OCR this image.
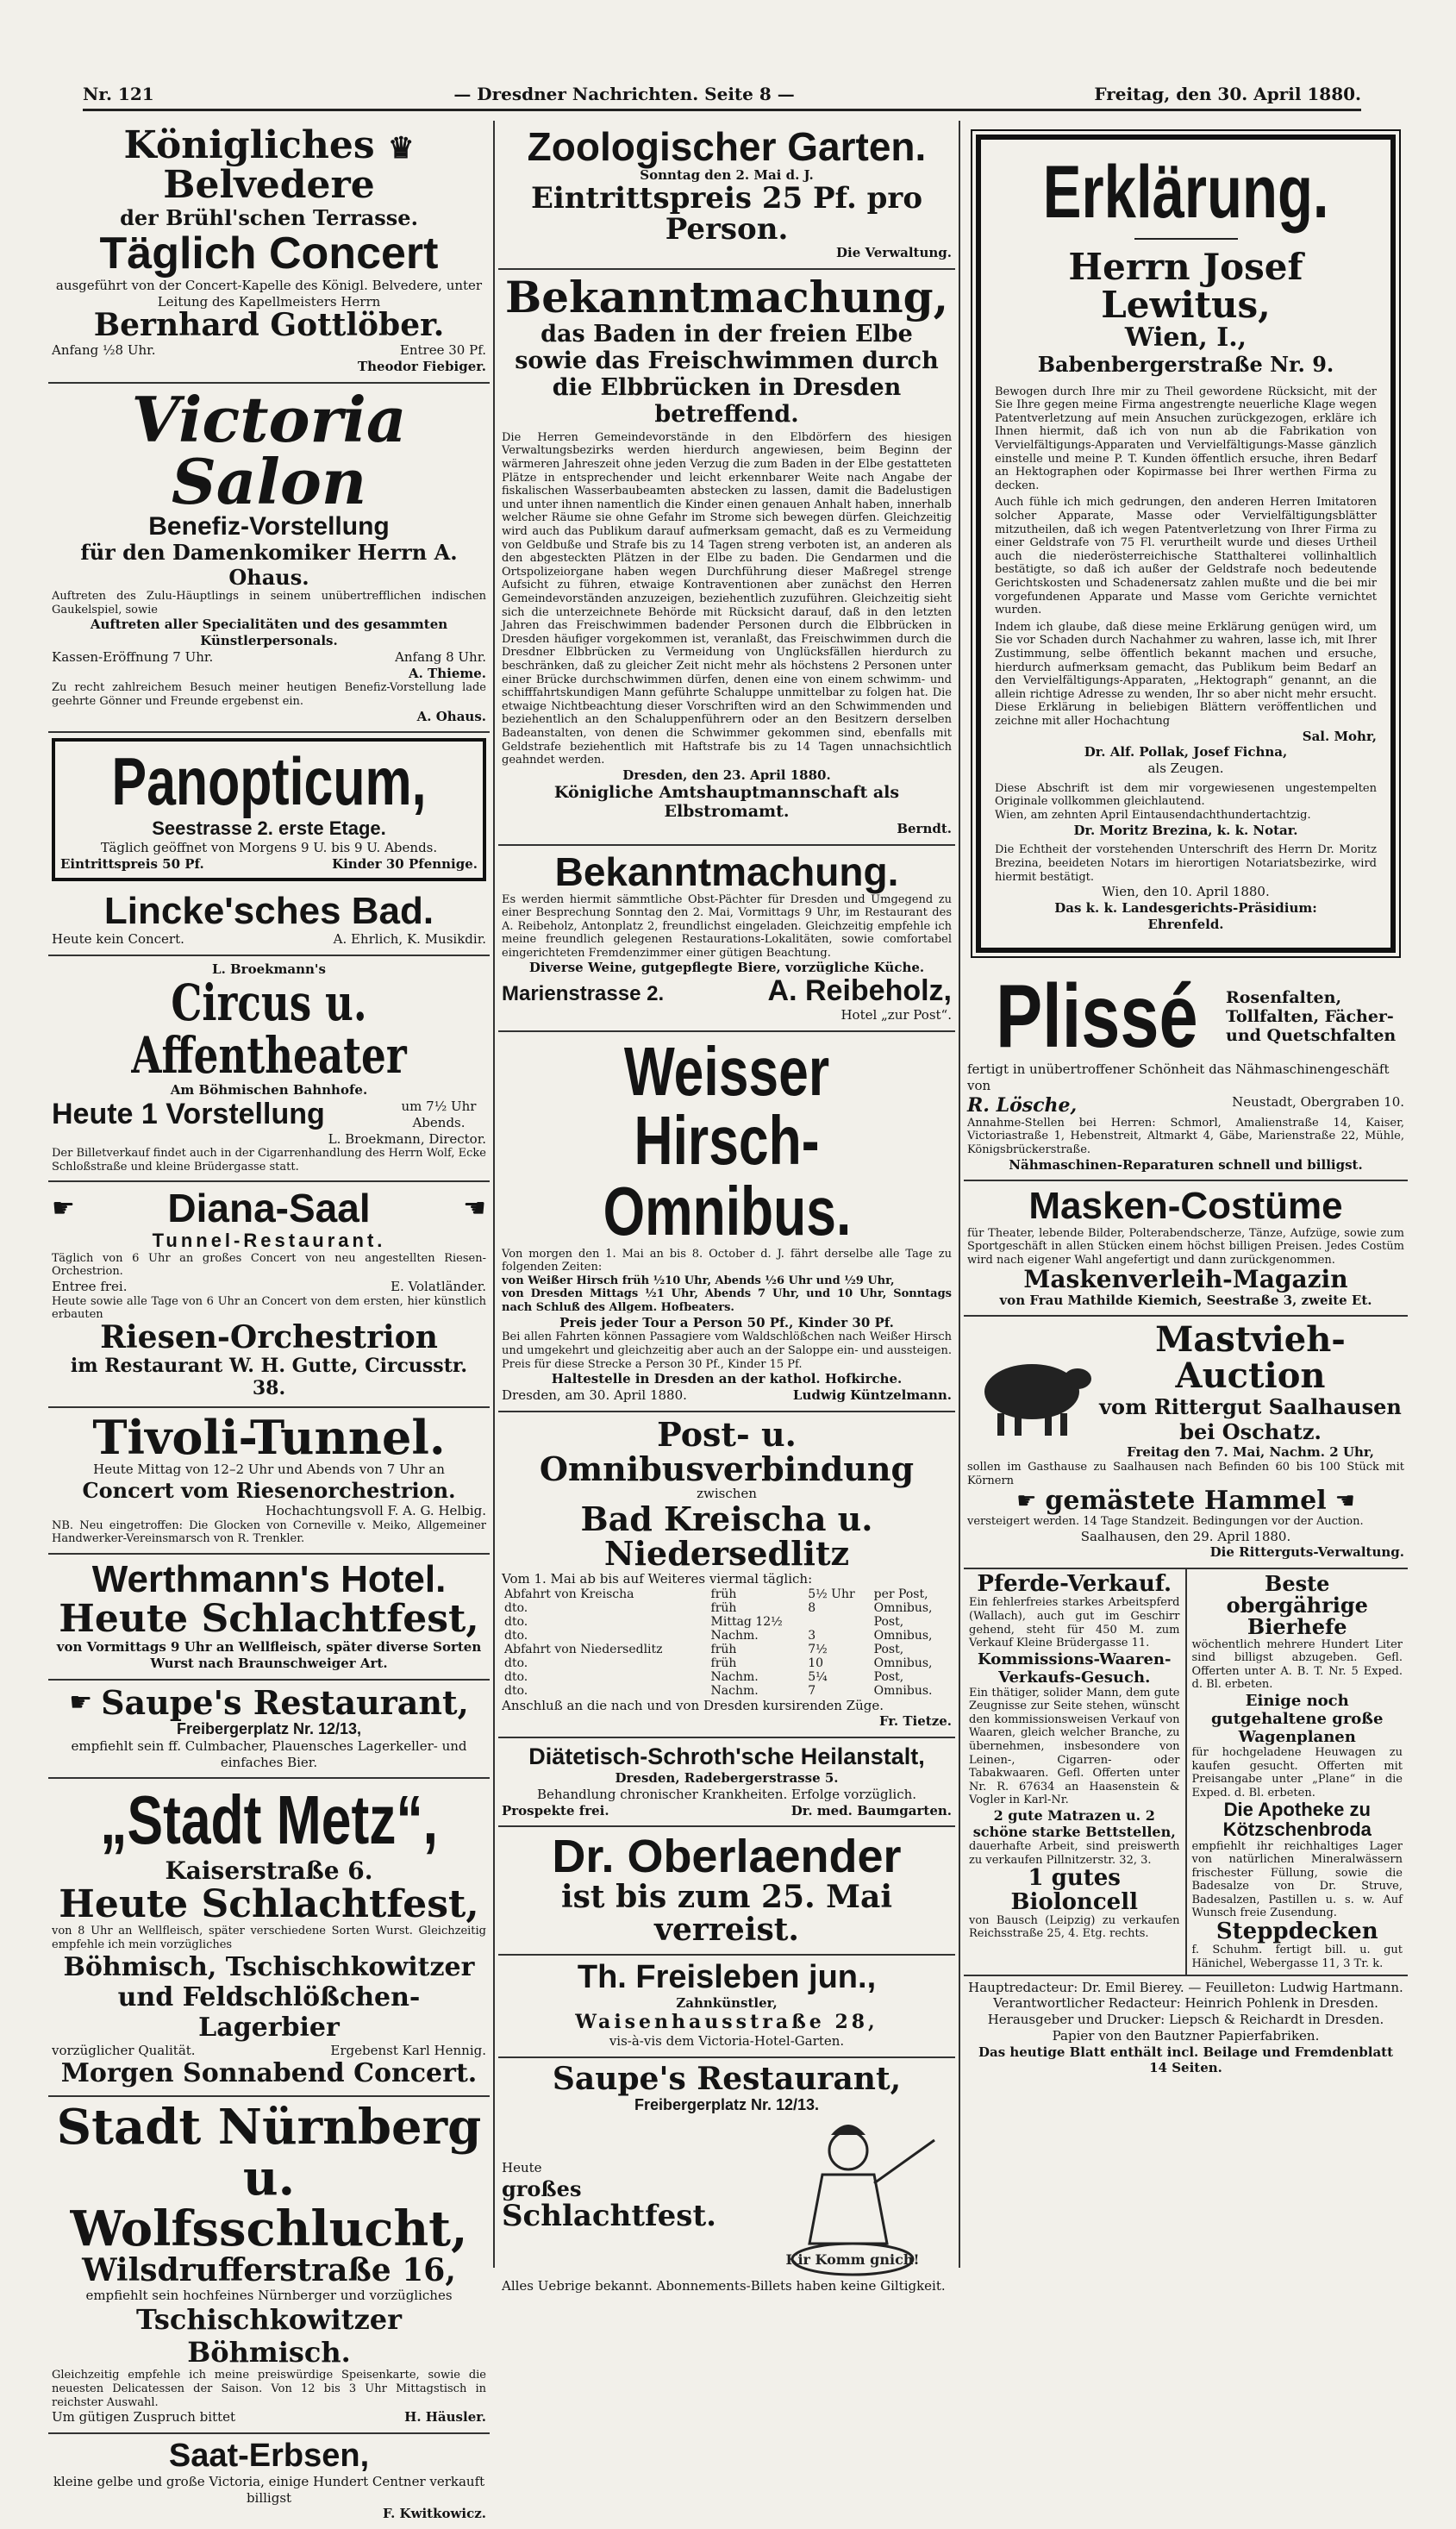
Nr. 121	— Dresdner Nachrichten. Seite 8 —	Freitag, den 30. April 1880.
Königliches ♛ Belvedere
der Brühl'schen Terrasse.
Täglich Concert
ausgeführt von der Concert-Kapelle des Königl. Belvedere, unter Leitung des Kapellmeisters Herrn
Bernhard Gottlöber.
Anfang ½8 Uhr.	Entree 30 Pf.
Theodor Fiebiger.
Victoria Salon
Benefiz-Vorstellung
für den Damenkomiker Herrn A. Ohaus.
Auftreten des Zulu-Häuptlings in seinem unübertrefflichen indischen Gaukelspiel, sowie
Auftreten aller Specialitäten und des gesammten Künstlerpersonals.
Kassen-Eröffnung 7 Uhr.	Anfang 8 Uhr.
A. Thieme.
Zu recht zahlreichem Besuch meiner heutigen Benefiz-Vorstellung lade geehrte Gönner und Freunde ergebenst ein.
A. Ohaus.
Panopticum,
Seestrasse 2. erste Etage.
Täglich geöffnet von Morgens 9 U. bis 9 U. Abends.
Eintrittspreis 50 Pf.	Kinder 30 Pfennige.
Lincke'sches Bad.
Heute kein Concert.	A. Ehrlich, K. Musikdir.
L. Broekmann's
Circus u. Affentheater
Am Böhmischen Bahnhofe.
Heute 1 Vorstellung	um 7½ Uhr Abends.
L. Broekmann, Director.
Der Billetverkauf findet auch in der Cigarrenhandlung des Herrn Wolf, Ecke Schloßstraße und kleine Brüdergasse statt.
☛ Diana-Saal	☚
Tunnel-Restaurant.
Täglich von 6 Uhr an großes Concert von neu angestellten Riesen-Orchestrion.
Entree frei.	E. Volatländer.
Heute sowie alle Tage von 6 Uhr an Concert von dem ersten, hier künstlich erbauten
Riesen-Orchestrion
im Restaurant W. H. Gutte, Circusstr. 38.
Tivoli-Tunnel.
Heute Mittag von 12–2 Uhr und Abends von 7 Uhr an
Concert vom Riesenorchestrion.
Hochachtungsvoll F. A. G. Helbig.
NB. Neu eingetroffen: Die Glocken von Corneville v. Meiko, Allgemeiner Handwerker-Vereinsmarsch von R. Trenkler.
Werthmann's Hotel.
Heute Schlachtfest,
von Vormittags 9 Uhr an Wellfleisch, später diverse Sorten Wurst nach Braunschweiger Art.
☛ Saupe's Restaurant,
Freibergerplatz Nr. 12/13,
empfiehlt sein ff. Culmbacher, Plauensches Lagerkeller- und einfaches Bier.
„Stadt Metz“,
Kaiserstraße 6.
Heute Schlachtfest,
von 8 Uhr an Wellfleisch, später verschiedene Sorten Wurst. Gleichzeitig empfehle ich mein vorzügliches
Böhmisch, Tschischkowitzer
und Feldschlößchen-Lagerbier
vorzüglicher Qualität.	Ergebenst Karl Hennig.
Morgen Sonnabend Concert.
Stadt Nürnberg
u. Wolfsschlucht,
Wilsdrufferstraße 16,
empfiehlt sein hochfeines Nürnberger und vorzügliches
Tschischkowitzer Böhmisch.
Gleichzeitig empfehle ich meine preiswürdige Speisenkarte, sowie die neuesten Delicatessen der Saison. Von 12 bis 3 Uhr Mittagstisch in reichster Auswahl.
Um gütigen Zuspruch bittet	H. Häusler.
Saat-Erbsen,
kleine gelbe und große Victoria, einige Hundert Centner verkauft billigst
F. Kwitkowicz.
Zoologischer Garten.
Sonntag den 2. Mai d. J.
Eintrittspreis 25 Pf. pro Person.
Die Verwaltung.
Bekanntmachung,
das Baden in der freien Elbe sowie das Freischwimmen durch die Elbbrücken in Dresden betreffend.
Die Herren Gemeindevorstände in den Elbdörfern des hiesigen Verwaltungsbezirks werden hierdurch angewiesen, beim Beginn der wärmeren Jahreszeit ohne jeden Verzug die zum Baden in der Elbe gestatteten Plätze in entsprechender und leicht erkennbarer Weite nach Angabe der fiskalischen Wasserbaubeamten abstecken zu lassen, damit die Badelustigen und unter ihnen namentlich die Kinder einen genauen Anhalt haben, innerhalb welcher Räume sie ohne Gefahr im Strome sich bewegen dürfen. Gleichzeitig wird auch das Publikum darauf aufmerksam gemacht, daß es zu Vermeidung von Geldbuße und Strafe bis zu 14 Tagen streng verboten ist, an anderen als den abgesteckten Plätzen in der Elbe zu baden. Die Gendarmen und die Ortspolizeiorgane haben wegen Durchführung dieser Maßregel strenge Aufsicht zu führen, etwaige Kontraventionen aber zunächst den Herren Gemeindevorständen anzuzeigen, beziehentlich zuzuführen. Gleichzeitig sieht sich die unterzeichnete Behörde mit Rücksicht darauf, daß in den letzten Jahren das Freischwimmen badender Personen durch die Elbbrücken in Dresden häufiger vorgekommen ist, veranlaßt, das Freischwimmen durch die Dresdner Elbbrücken zu Vermeidung von Unglücksfällen hierdurch zu beschränken, daß zu gleicher Zeit nicht mehr als höchstens 2 Personen unter einer Brücke durchschwimmen dürfen, denen eine von einem schwimm- und schifffahrtskundigen Mann geführte Schaluppe unmittelbar zu folgen hat. Die etwaige Nichtbeachtung dieser Vorschriften wird an den Schwimmenden und beziehentlich an den Schaluppenführern oder an den Besitzern derselben Badeanstalten, von denen die Schwimmer gekommen sind, ebenfalls mit Geldstrafe beziehentlich mit Haftstrafe bis zu 14 Tagen unnachsichtlich geahndet werden.
Dresden, den 23. April 1880.
Königliche Amtshauptmannschaft als Elbstromamt.
Berndt.
Bekanntmachung.
Es werden hiermit sämmtliche Obst-Pächter für Dresden und Umgegend zu einer Besprechung Sonntag den 2. Mai, Vormittags 9 Uhr, im Restaurant des A. Reibeholz, Antonplatz 2, freundlichst eingeladen. Gleichzeitig empfehle ich meine freundlich gelegenen Restaurations-Lokalitäten, sowie comfortabel eingerichteten Fremdenzimmer einer gütigen Beachtung.
Diverse Weine, gutgepflegte Biere, vorzügliche Küche.
Marienstrasse 2.	A. Reibeholz,
Hotel „zur Post“.
Weisser Hirsch-
Omnibus.
Von morgen den 1. Mai an bis 8. October d. J. fährt derselbe alle Tage zu folgenden Zeiten:
von Weißer Hirsch früh ½10 Uhr, Abends ½6 Uhr und ½9 Uhr,
von Dresden Mittags ½1 Uhr, Abends 7 Uhr, und 10 Uhr, Sonntags nach Schluß des Allgem. Hofbeaters.
Preis jeder Tour a Person 50 Pf., Kinder 30 Pf.
Bei allen Fahrten können Passagiere vom Waldschlößchen nach Weißer Hirsch und umgekehrt und gleichzeitig aber auch an der Saloppe ein- und aussteigen. Preis für diese Strecke a Person 30 Pf., Kinder 15 Pf.
Haltestelle in Dresden an der kathol. Hofkirche.
Dresden, am 30. April 1880.	Ludwig Küntzelmann.
Post- u. Omnibusverbindung
zwischen
Bad Kreischa u. Niedersedlitz
Vom 1. Mai ab bis auf Weiteres viermal täglich:
Abfahrt von Kreischa	früh	5½ Uhr	per Post,
dto.	früh	8	Omnibus,
dto.	Mittag 12½		Post,
dto.	Nachm.	3	Omnibus,
Abfahrt von Niedersedlitz	früh	7½	Post,
dto.	früh	10	Omnibus,
dto.	Nachm.	5¼	Post,
dto.	Nachm.	7	Omnibus.
Anschluß an die nach und von Dresden kursirenden Züge.
Fr. Tietze.
Diätetisch-Schroth'sche Heilanstalt,
Dresden, Radebergerstrasse 5.
Behandlung chronischer Krankheiten. Erfolge vorzüglich.
Prospekte frei.	Dr. med. Baumgarten.
Dr. Oberlaender
ist bis zum 25. Mai verreist.
Th. Freisleben jun.,
Zahnkünstler,
Waisenhausstraße 28,
vis-à-vis dem Victoria-Hotel-Garten.
Saupe's Restaurant,
Freibergerplatz Nr. 12/13.
Heute
großes
Schlachtfest.
Kir Komm gnich!
Alles Uebrige bekannt. Abonnements-Billets haben keine Giltigkeit.
Erklärung.
Herrn Josef Lewitus,
Wien, I.,
Babenbergerstraße Nr. 9.
Bewogen durch Ihre mir zu Theil gewordene Rücksicht, mit der Sie Ihre gegen meine Firma angestrengte neuerliche Klage wegen Patentverletzung auf mein Ansuchen zurückgezogen, erkläre ich Ihnen hiermit, daß ich von nun ab die Fabrikation von Vervielfältigungs-Apparaten und Vervielfältigungs-Masse gänzlich einstelle und meine P. T. Kunden öffentlich ersuche, ihren Bedarf an Hektographen oder Kopirmasse bei Ihrer werthen Firma zu decken.
Auch fühle ich mich gedrungen, den anderen Herren Imitatoren solcher Apparate, Masse oder Vervielfältigungsblätter mitzutheilen, daß ich wegen Patentverletzung von Ihrer Firma zu einer Geldstrafe von 75 Fl. verurtheilt wurde und dieses Urtheil auch die niederösterreichische Statthalterei vollinhaltlich bestätigte, so daß ich außer der Geldstrafe noch bedeutende Gerichtskosten und Schadenersatz zahlen mußte und die bei mir vorgefundenen Apparate und Masse vom Gerichte vernichtet wurden.
Indem ich glaube, daß diese meine Erklärung genügen wird, um Sie vor Schaden durch Nachahmer zu wahren, lasse ich, mit Ihrer Zustimmung, selbe öffentlich bekannt machen und ersuche, hierdurch aufmerksam gemacht, das Publikum beim Bedarf an den Vervielfältigungs-Apparaten, „Hektograph“ genannt, an die allein richtige Adresse zu wenden, Ihr so aber nicht mehr ersucht. Diese Erklärung in beliebigen Blättern veröffentlichen und zeichne mit aller Hochachtung
Sal. Mohr,
Dr. Alf. Pollak, Josef Fichna,
als Zeugen.
Diese Abschrift ist dem mir vorgewiesenen ungestempelten Originale vollkommen gleichlautend.
Wien, am zehnten April Eintausendachthundertachtzig.
Dr. Moritz Brezina, k. k. Notar.
Die Echtheit der vorstehenden Unterschrift des Herrn Dr. Moritz Brezina, beeideten Notars im hierortigen Notariatsbezirke, wird hiermit bestätigt.
Wien, den 10. April 1880.
Das k. k. Landesgerichts-Präsidium:
Ehrenfeld.
Plissé	Rosenfalten, Tollfalten, Fächer- und Quetschfalten
fertigt in unübertroffener Schönheit das Nähmaschinengeschäft von
R. Lösche,	Neustadt, Obergraben 10.
Annahme-Stellen bei Herren: Schmorl, Amalienstraße 14, Kaiser, Victoriastraße 1, Hebenstreit, Altmarkt 4, Gäbe, Marienstraße 22, Mühle, Königsbrückerstraße.
Nähmaschinen-Reparaturen schnell und billigst.
Masken-Costüme
für Theater, lebende Bilder, Polterabendscherze, Tänze, Aufzüge, sowie zum Sportgeschäft in allen Stücken einem höchst billigen Preisen. Jedes Costüm wird nach eigener Wahl angefertigt und dann zurückgenommen.
Maskenverleih-Magazin
von Frau Mathilde Kiemich, Seestraße 3, zweite Et.
Mastvieh-Auction
vom Rittergut Saalhausen bei Oschatz.
Freitag den 7. Mai, Nachm. 2 Uhr,
sollen im Gasthause zu Saalhausen nach Befinden 60 bis 100 Stück mit Körnern
☛ gemästete Hammel ☚
versteigert werden. 14 Tage Standzeit. Bedingungen vor der Auction.
Saalhausen, den 29. April 1880.
Die Ritterguts-Verwaltung.
Pferde-Verkauf.
Ein fehlerfreies starkes Arbeitspferd (Wallach), auch gut im Geschirr gehend, steht für 450 M. zum Verkauf Kleine Brüdergasse 11.
Kommissions-Waaren-Verkaufs-Gesuch.
Ein thätiger, solider Mann, dem gute Zeugnisse zur Seite stehen, wünscht den kommissionsweisen Verkauf von Waaren, gleich welcher Branche, zu übernehmen, insbesondere von Leinen-, Cigarren- oder Tabakwaaren. Gefl. Offerten unter Nr. R. 67634 an Haasenstein & Vogler in Karl-Nr.
2 gute Matrazen u. 2 schöne starke Bettstellen,
dauerhafte Arbeit, sind preiswerth zu verkaufen Pillnitzerstr. 32, 3.
1 gutes Bioloncell
von Bausch (Leipzig) zu verkaufen Reichsstraße 25, 4. Etg. rechts.
Beste obergährige Bierhefe
wöchentlich mehrere Hundert Liter sind billigst abzugeben. Gefl. Offerten unter A. B. T. Nr. 5 Exped. d. Bl. erbeten.
Einige noch gutgehaltene große Wagenplanen
für hochgeladene Heuwagen zu kaufen gesucht. Offerten mit Preisangabe unter „Plane“ in die Exped. d. Bl. erbeten.
Die Apotheke zu Kötzschenbroda
empfiehlt ihr reichhaltiges Lager von natürlichen Mineralwässern frischester Füllung, sowie die Badesalze von Dr. Struve, Badesalzen, Pastillen u. s. w. Auf Wunsch freie Zusendung.
Steppdecken
f. Schuhm. fertigt bill. u. gut Hänichel, Webergasse 11, 3 Tr. k.
Hauptredacteur: Dr. Emil Bierey. — Feuilleton: Ludwig Hartmann.
Verantwortlicher Redacteur: Heinrich Pohlenk in Dresden.
Herausgeber und Drucker: Liepsch & Reichardt in Dresden.
Papier von den Bautzner Papierfabriken.
Das heutige Blatt enthält incl. Beilage und Fremdenblatt 14 Seiten.
